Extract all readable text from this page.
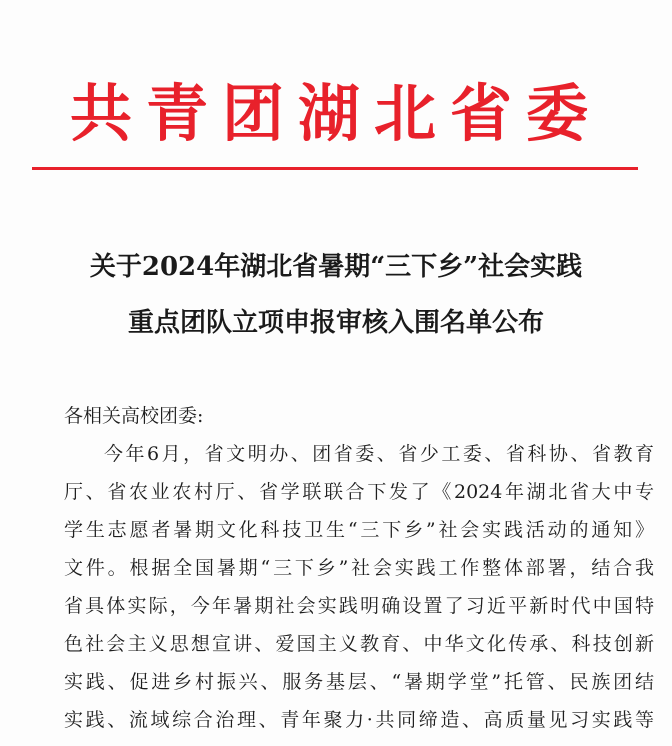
共青团湖北省委
关于2024年湖北省暑期“三下乡”社会实践
重点团队立项申报审核入围名单公布
各相关高校团委:
今年6月，省文明办、团省委、省少工委、省科协、省教育
厅、省农业农村厅、省学联联合下发了《2024年湖北省大中专
学生志愿者暑期文化科技卫生“三下乡”社会实践活动的通知》
文件。根据全国暑期“三下乡”社会实践工作整体部署，结合我
省具体实际，今年暑期社会实践明确设置了习近平新时代中国特
色社会主义思想宣讲、爱国主义教育、中华文化传承、科技创新
实践、促进乡村振兴、服务基层、“暑期学堂”托管、民族团结
实践、流域综合治理、青年聚力·共同缔造、高质量见习实践等
